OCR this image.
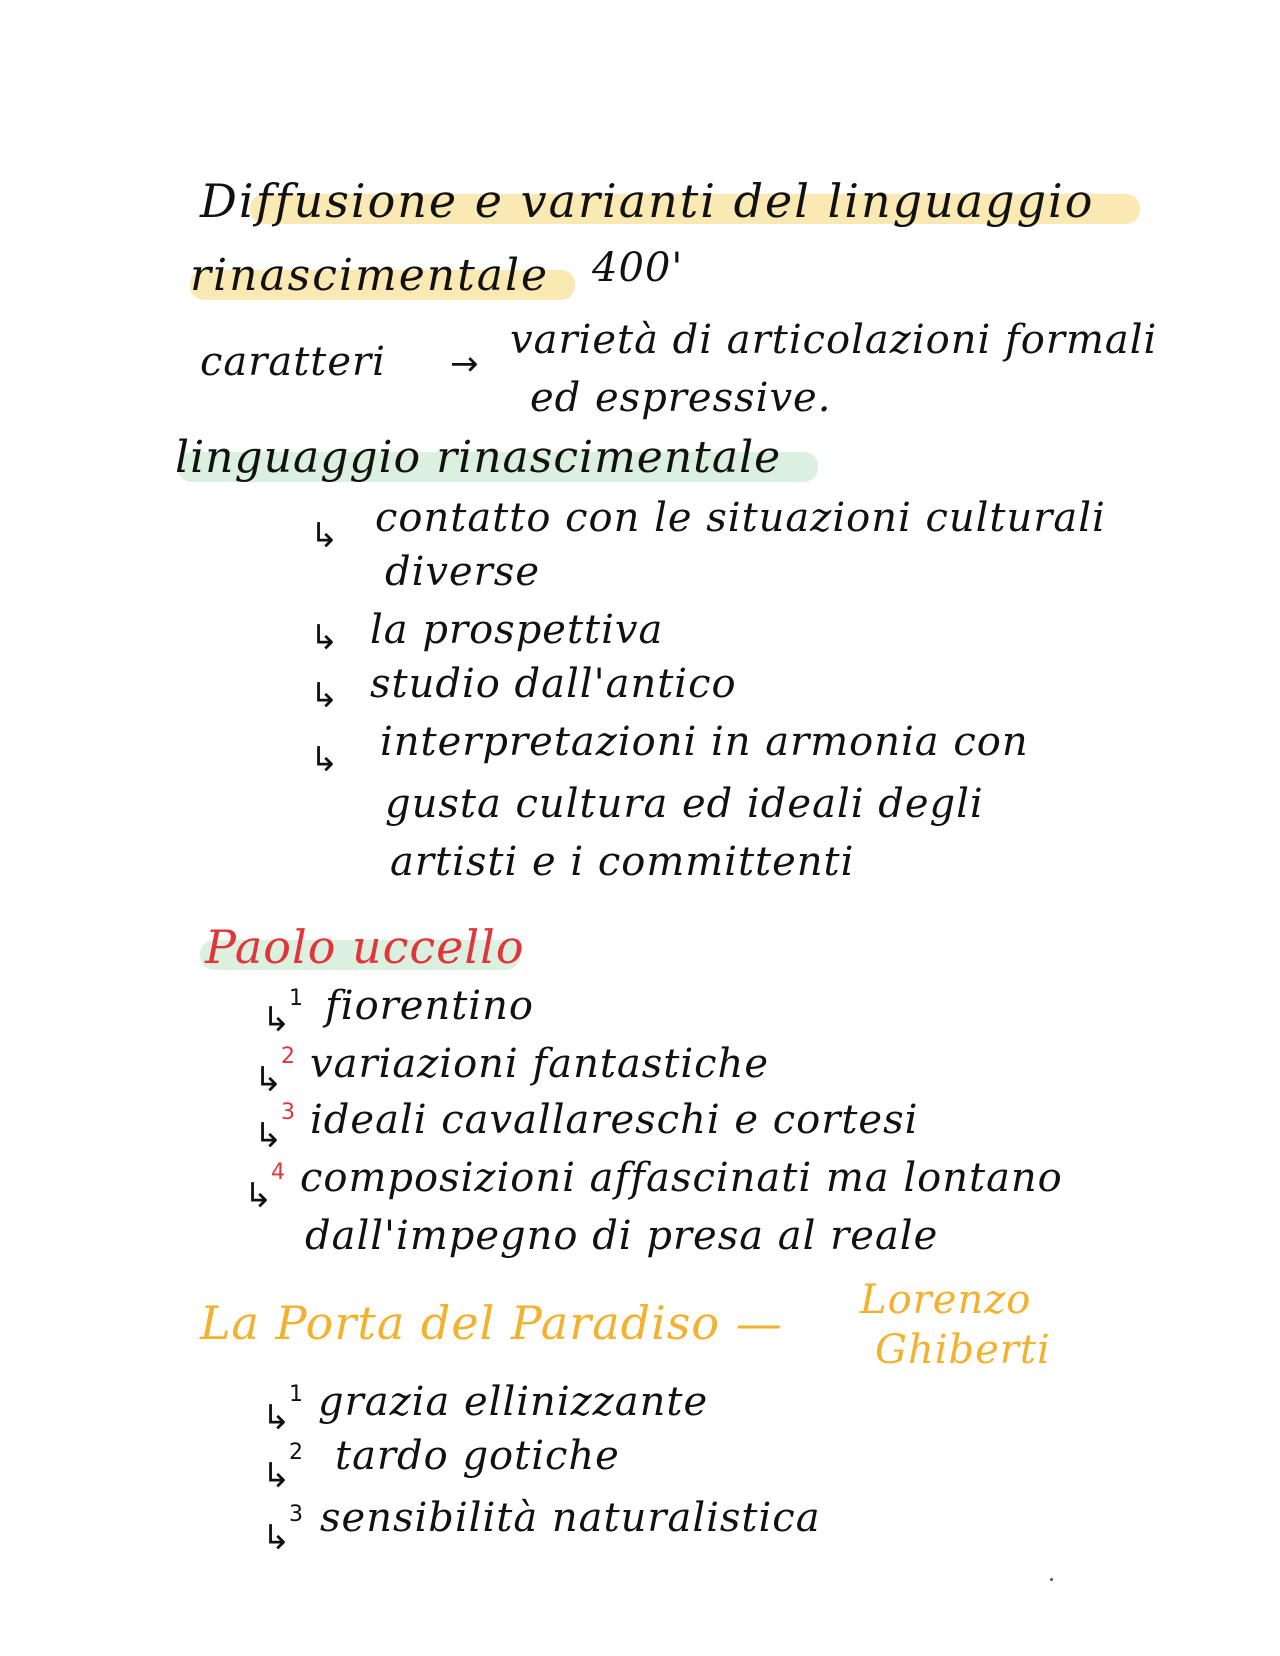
Diffusione e varianti del linguaggio
rinascimentale 400'
caratteri →
varietà di articolazioni formali
ed espressive.
linguaggio rinascimentale
↳ contatto con le situazioni culturali
diverse
↳ la prospettiva
↳ studio dall'antico
↳ interpretazioni in armonia con
gusta cultura ed ideali degli
artisti e i committenti
Paolo uccello
↳
1 fiorentino
↳
2 variazioni fantastiche
↳
3 ideali cavallareschi e cortesi
↳
4 composizioni affascinati ma lontano
dall'impegno di presa al reale
La Porta del Paradiso — Lorenzo
Ghiberti
↳
1 grazia ellinizzante
↳
2 tardo gotiche
↳
3 sensibilità naturalistica
